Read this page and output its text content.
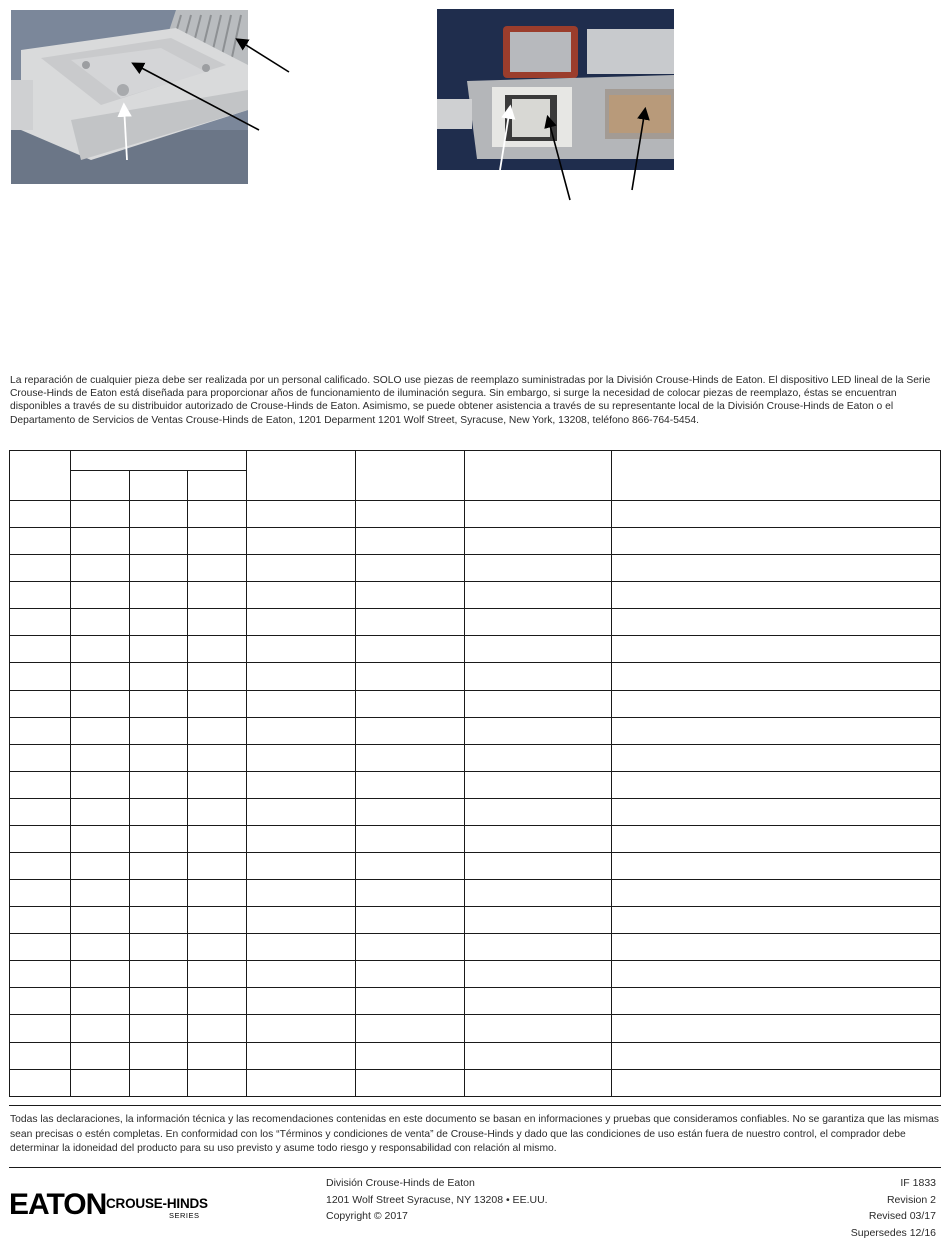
La reparación de cualquier pieza debe ser realizada por un personal calificado. SOLO use piezas de reemplazo suministradas por la División Crouse-Hinds de Eaton. El dispositivo LED lineal de la Serie Crouse-Hinds de Eaton está diseñada para proporcionar años de funcionamiento de iluminación segura. Sin embargo, si surge la necesidad de colocar piezas de reemplazo, éstas se encuentran disponibles a través de su distribuidor autorizado de Crouse-Hinds de Eaton. Asimismo, se puede obtener asistencia a través de su representante local de la División Crouse-Hinds de Eaton o el Departamento de Servicios de Ventas Crouse-Hinds de Eaton, 1201 Deparment 1201 Wolf Street, Syracuse, New York, 13208, teléfono 866-764-5454.

Todas las declaraciones, la información técnica y las recomendaciones contenidas en este documento se basan en informaciones y pruebas que consideramos confiables. No se garantiza que las mismas sean precisas o estén completas. En conformidad con los “Términos y condiciones de venta” de Crouse-Hinds y dado que las condiciones de uso están fuera de nuestro control, el comprador debe determinar la idoneidad del producto para su uso previsto y asume todo riesgo y responsabilidad con relación al mismo.

EATON CROUSE-HINDS
SERIES
División Crouse-Hinds de Eaton
1201 Wolf Street Syracuse, NY 13208 • EE.UU.
Copyright © 2017
IF 1833
Revision 2
Revised 03/17
Supersedes 12/16
